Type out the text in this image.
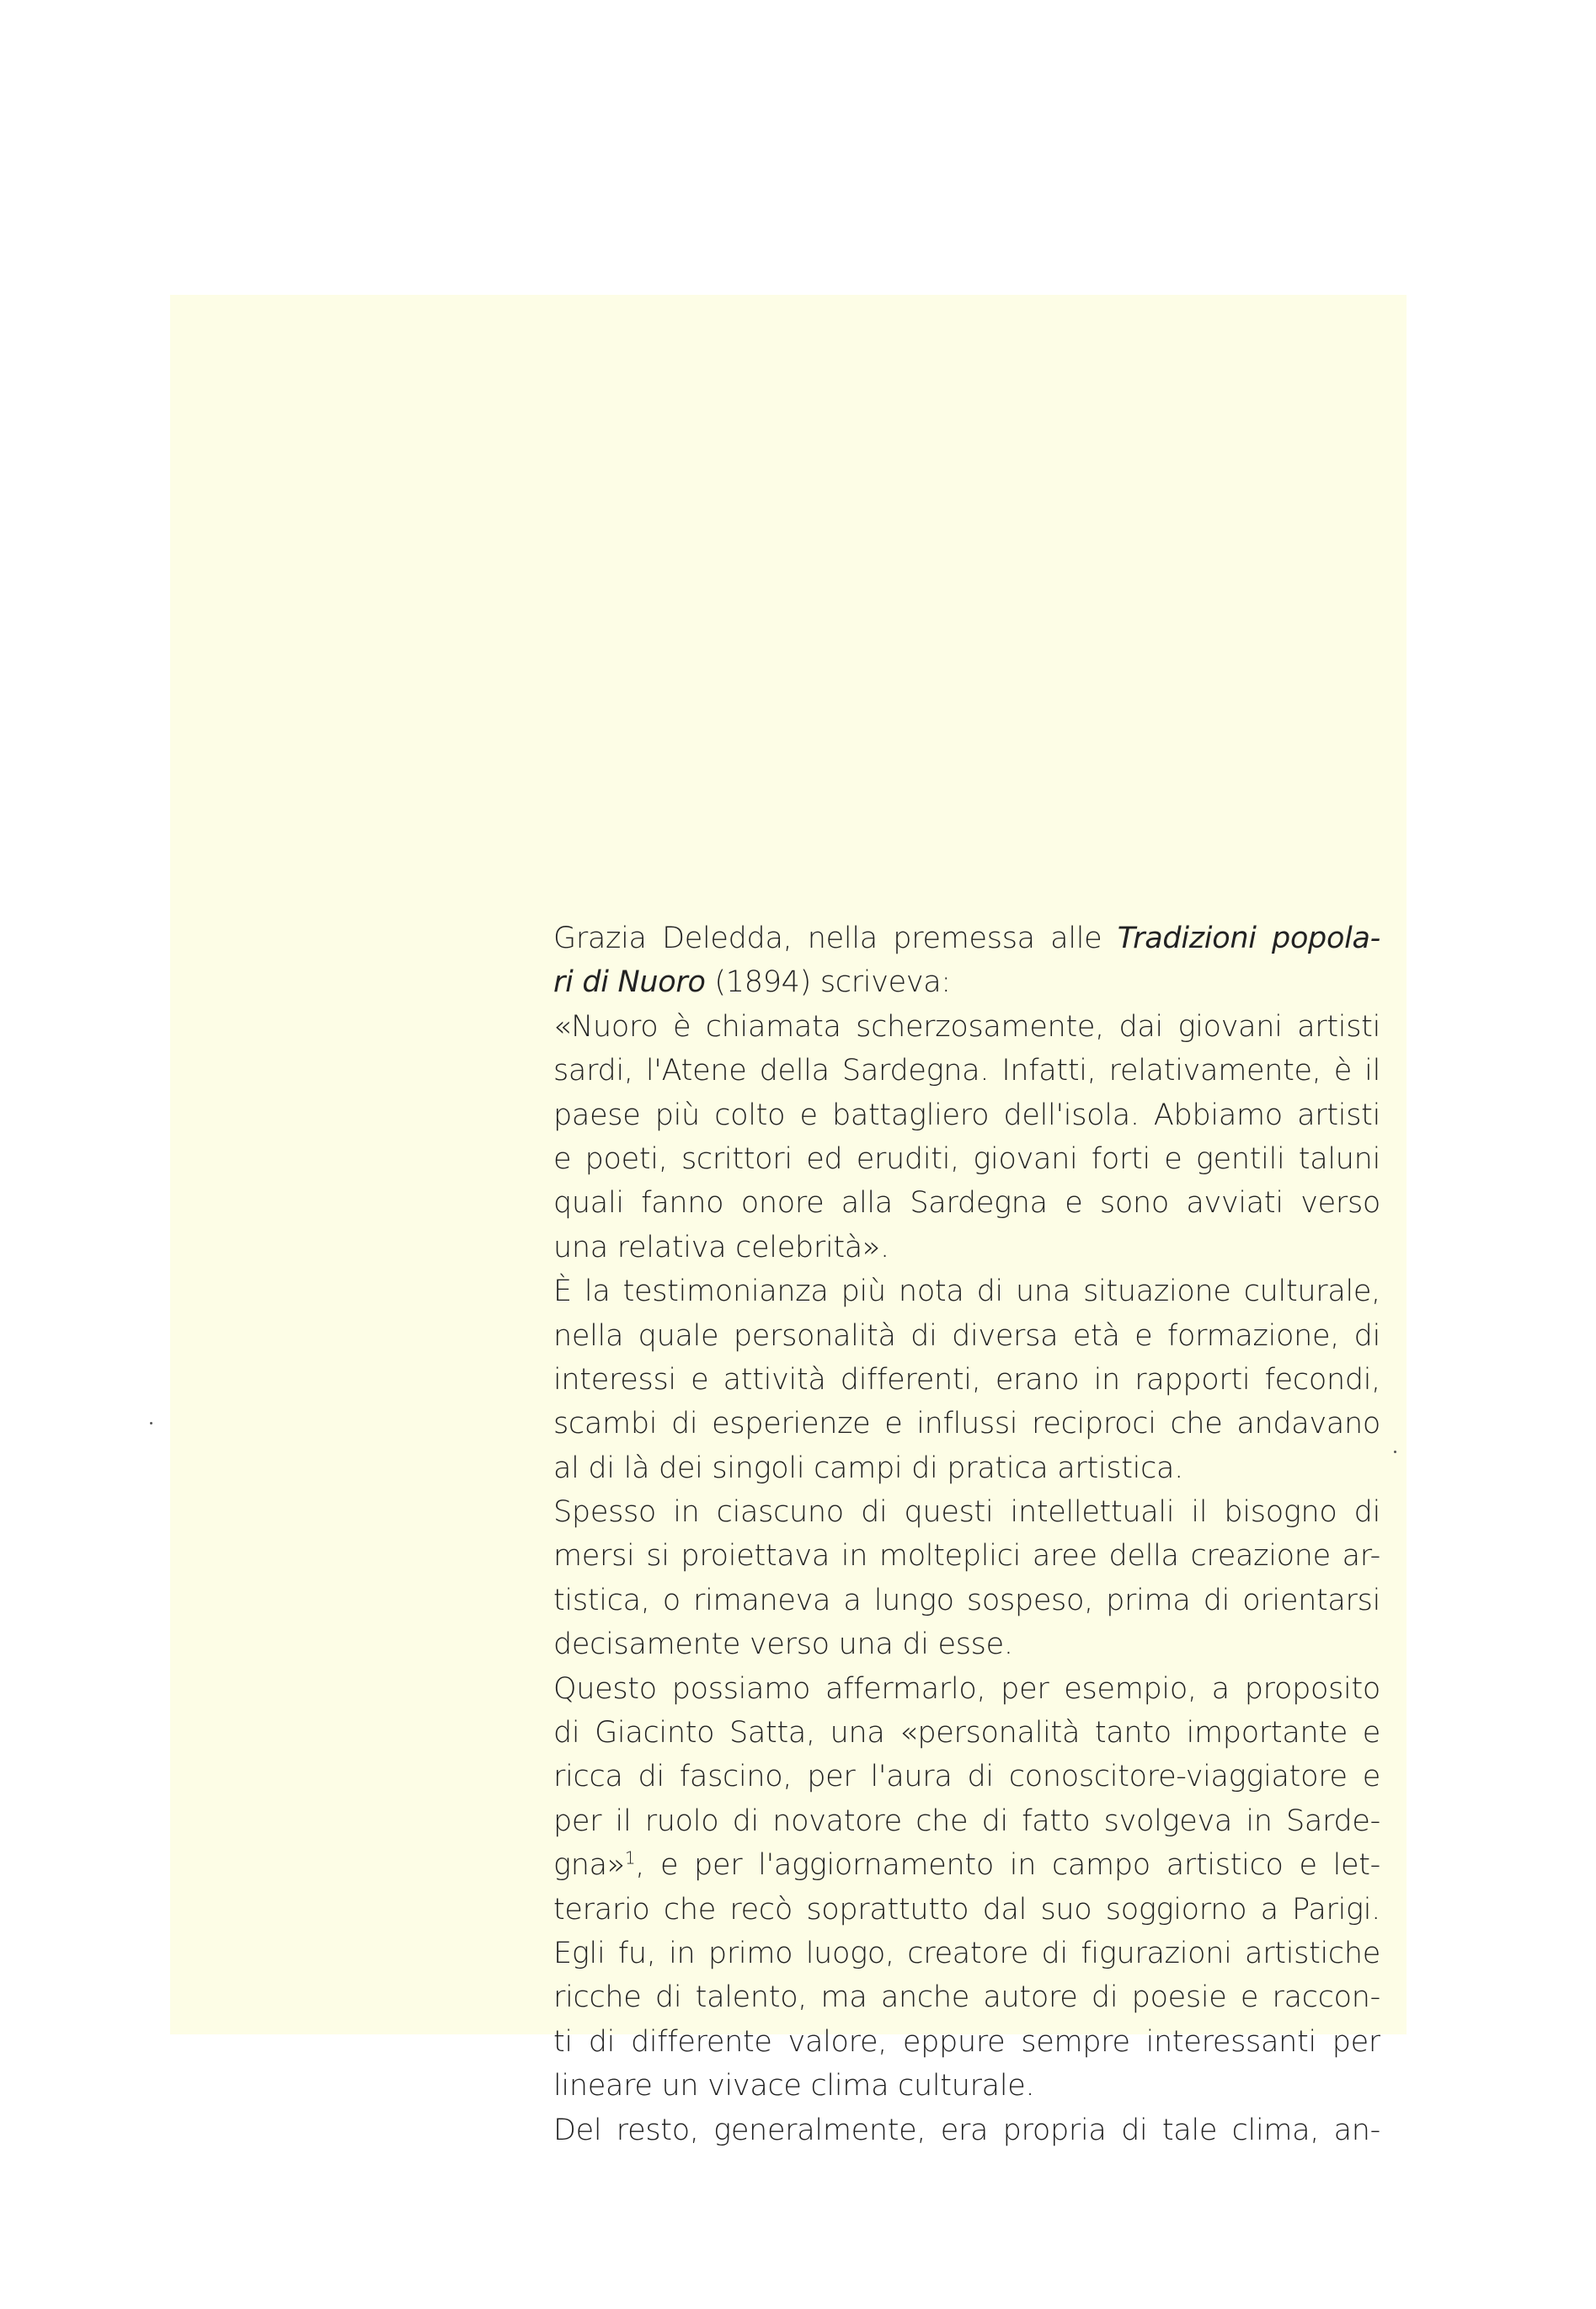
Grazia Deledda, nella premessa alle Tradizioni popola-
ri di Nuoro (1894) scriveva:
«Nuoro è chiamata scherzosamente, dai giovani artisti
sardi, l'Atene della Sardegna. Infatti, relativamente, è il
paese più colto e battagliero dell'isola. Abbiamo artisti
e poeti, scrittori ed eruditi, giovani forti e gentili taluni
quali fanno onore alla Sardegna e sono avviati verso
una relativa celebrità».
È la testimonianza più nota di una situazione culturale,
nella quale personalità di diversa età e formazione, di
interessi e attività differenti, erano in rapporti fecondi,
scambi di esperienze e influssi reciproci che andavano
al di là dei singoli campi di pratica artistica.
Spesso in ciascuno di questi intellettuali il bisogno di
mersi si proiettava in molteplici aree della creazione ar-
tistica, o rimaneva a lungo sospeso, prima di orientarsi
decisamente verso una di esse.
Questo possiamo affermarlo, per esempio, a proposito
di Giacinto Satta, una «personalità tanto importante e
ricca di fascino, per l'aura di conoscitore-viaggiatore e
per il ruolo di novatore che di fatto svolgeva in Sarde-
gna»$^1$, e per l'aggiornamento in campo artistico e let-
terario che recò soprattutto dal suo soggiorno a Parigi.
Egli fu, in primo luogo, creatore di figurazioni artistiche
ricche di talento, ma anche autore di poesie e raccon-
ti di differente valore, eppure sempre interessanti per
lineare un vivace clima culturale.
Del resto, generalmente, era propria di tale clima, an-
